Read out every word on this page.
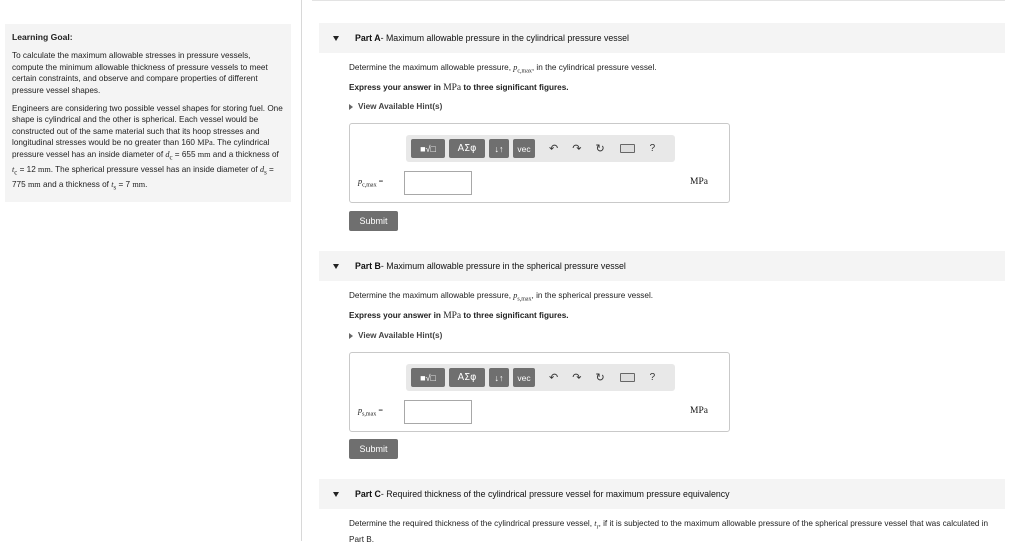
Learning Goal:

To calculate the maximum allowable stresses in pressure vessels, compute the minimum allowable thickness of pressure vessels to meet certain constraints, and observe and compare properties of different pressure vessel shapes.

Engineers are considering two possible vessel shapes for storing fuel. One shape is cylindrical and the other is spherical. Each vessel would be constructed out of the same material such that its hoop stresses and longitudinal stresses would be no greater than 160 MPa. The cylindrical pressure vessel has an inside diameter of $d_c = 655$ mm and a thickness of $t_c = 12$ mm. The spherical pressure vessel has an inside diameter of $d_s = 775$ mm and a thickness of $t_s = 7$ mm.

Part A - Maximum allowable pressure in the cylindrical pressure vessel
Determine the maximum allowable pressure, $p_{c,max}$, in the cylindrical pressure vessel.
Express your answer in MPa to three significant figures.
View Available Hint(s)
■√□	ΑΣφ	↓↑	vec	↶ ↷ ↻	?
$p_{c,max}$ =	MPa
Submit
Part B - Maximum allowable pressure in the spherical pressure vessel
Determine the maximum allowable pressure, $p_{s,max}$, in the spherical pressure vessel.
Express your answer in MPa to three significant figures.
View Available Hint(s)
■√□	ΑΣφ	↓↑	vec	↶ ↷ ↻	?
$p_{s,max}$ =	MPa
Submit
Part C - Required thickness of the cylindrical pressure vessel for maximum pressure equivalency
Determine the required thickness of the cylindrical pressure vessel, $t_r$, if it is subjected to the maximum allowable pressure of the spherical pressure vessel that was calculated in Part B.
